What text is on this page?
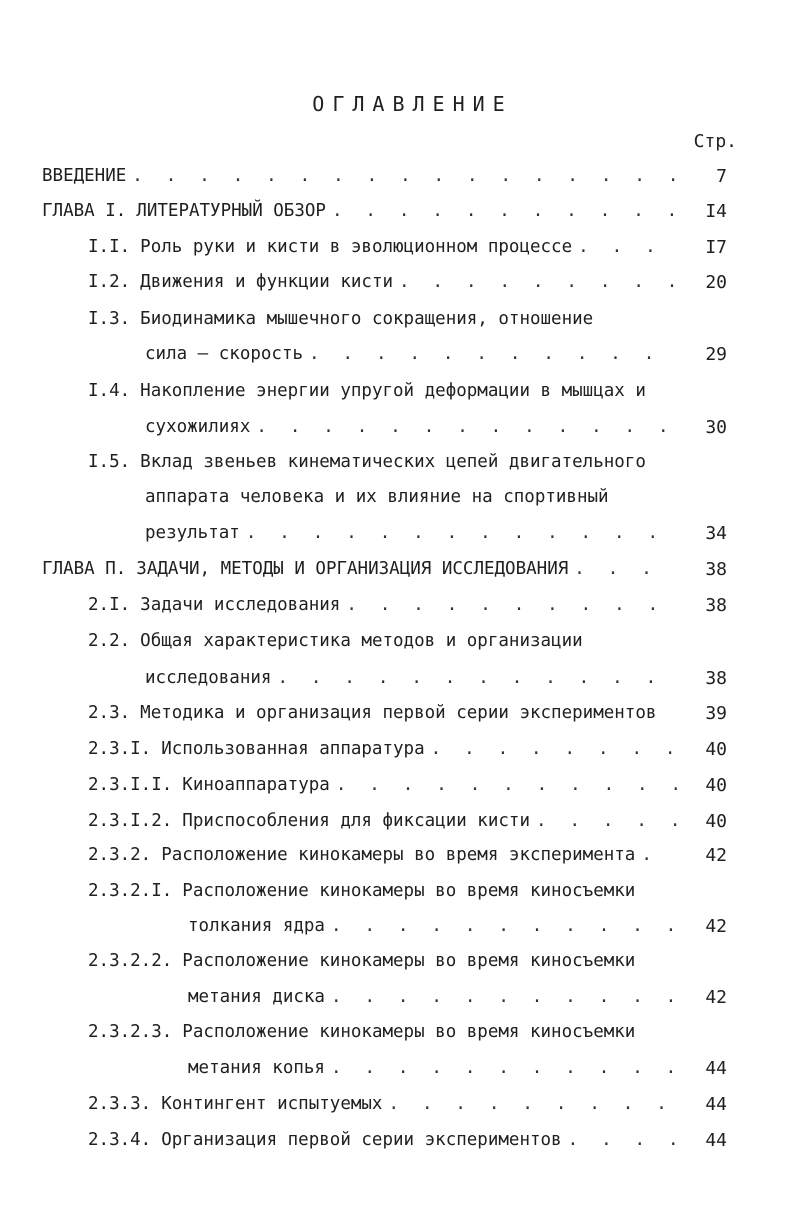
ОГЛАВЛЕНИЕ
Стр.
ВВЕДЕНИЕ . . .	7
ГЛАВА I. ЛИТЕРАТУРНЫЙ ОБЗОР . . .	I4
I.I. Роль руки и кисти в эволюционном процессе . . .	I7
I.2. Движения и функции кисти . . .	20
I.3. Биодинамика мышечного сокращения, отношение
сила – скорость . . .	29
I.4. Накопление энергии упругой деформации в мышцах и
сухожилиях . . .	30
I.5. Вклад звеньев кинематических цепей двигательного
аппарата человека и их влияние на спортивный
результат . . .	34
ГЛАВА П. ЗАДАЧИ, МЕТОДЫ И ОРГАНИЗАЦИЯ ИССЛЕДОВАНИЯ . . .	38
2.I. Задачи исследования . . .	38
2.2. Общая характеристика методов и организации
исследования . . .	38
2.3. Методика и организация первой серии экспериментов	39
2.3.I. Использованная аппаратура . . .	40
2.3.I.I. Киноаппаратура . . .	40
2.3.I.2. Приспособления для фиксации кисти . . .	40
2.3.2. Расположение кинокамеры во время эксперимента . . .	42
2.3.2.I. Расположение кинокамеры во время киносъемки
толкания ядра . . .	42
2.3.2.2. Расположение кинокамеры во время киносъемки
метания диска . . .	42
2.3.2.3. Расположение кинокамеры во время киносъемки
метания копья . . .	44
2.3.3. Контингент испытуемых . . .	44
2.3.4. Организация первой серии экспериментов . . .	44
